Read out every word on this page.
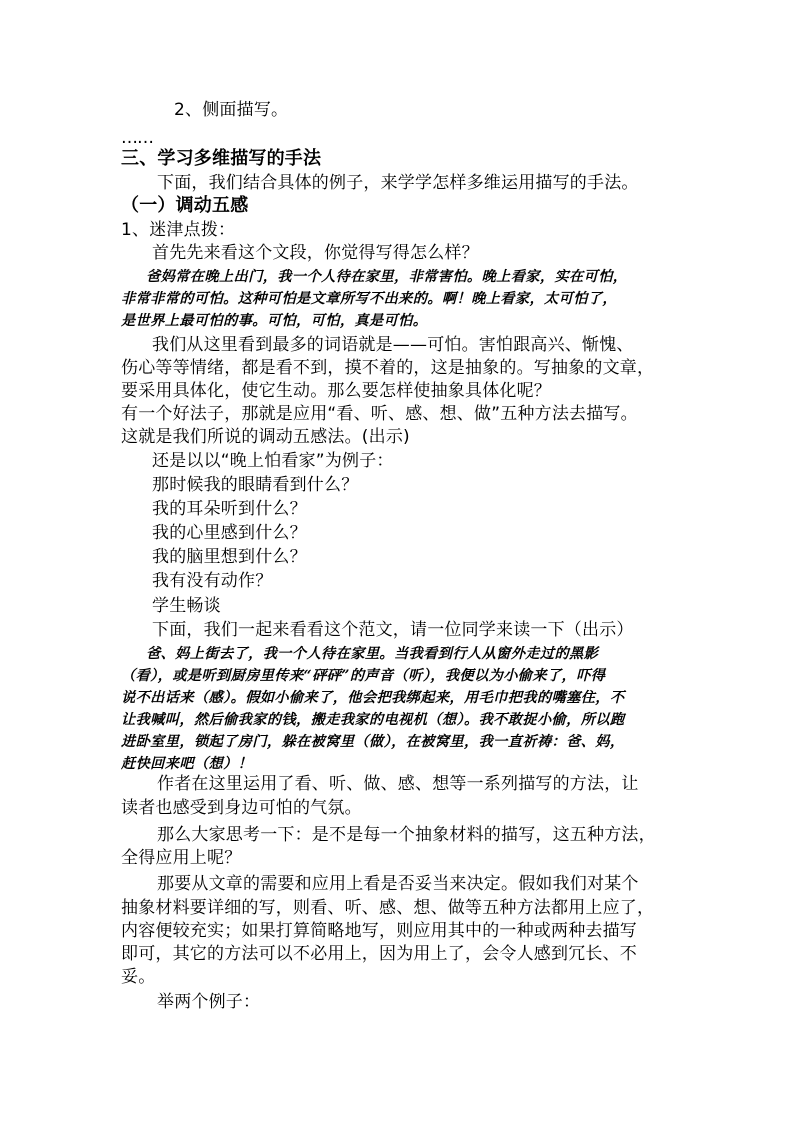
2、侧面描写。
……
三、学习多维描写的手法
下面，我们结合具体的例子，来学学怎样多维运用描写的手法。
（一）调动五感
1、迷津点拨：
首先先来看这个文段，你觉得写得怎么样？
爸妈常在晚上出门，我一个人待在家里，非常害怕。晚上看家，实在可怕，
非常非常的可怕。这种可怕是文章所写不出来的。啊！晚上看家，太可怕了，
是世界上最可怕的事。可怕，可怕，真是可怕。
我们从这里看到最多的词语就是——可怕。害怕跟高兴、惭愧、
伤心等等情绪，都是看不到，摸不着的，这是抽象的。写抽象的文章，
要采用具体化，使它生动。那么要怎样使抽象具体化呢？
有一个好法子，那就是应用“看、听、感、想、做”五种方法去描写。
这就是我们所说的调动五感法。(出示)
还是以以“晚上怕看家”为例子：
那时候我的眼睛看到什么？
我的耳朵听到什么？
我的心里感到什么？
我的脑里想到什么？
我有没有动作？
学生畅谈
下面，我们一起来看看这个范文，请一位同学来读一下（出示）
爸、妈上街去了，我一个人待在家里。当我看到行人从窗外走过的黑影
（看），或是听到厨房里传来“砰砰”的声音（听），我便以为小偷来了，吓得
说不出话来（感）。假如小偷来了，他会把我绑起来，用毛巾把我的嘴塞住，不
让我喊叫，然后偷我家的钱，搬走我家的电视机（想）。我不敢捉小偷，所以跑
进卧室里，锁起了房门，躲在被窝里（做），在被窝里，我一直祈祷：爸、妈，
赶快回来吧（想）！
作者在这里运用了看、听、做、感、想等一系列描写的方法，让
读者也感受到身边可怕的气氛。
那么大家思考一下：是不是每一个抽象材料的描写，这五种方法，
全得应用上呢？
那要从文章的需要和应用上看是否妥当来决定。假如我们对某个
抽象材料要详细的写，则看、听、感、想、做等五种方法都用上应了，
内容便较充实；如果打算简略地写，则应用其中的一种或两种去描写
即可，其它的方法可以不必用上，因为用上了，会令人感到冗长、不
妥。
举两个例子：
